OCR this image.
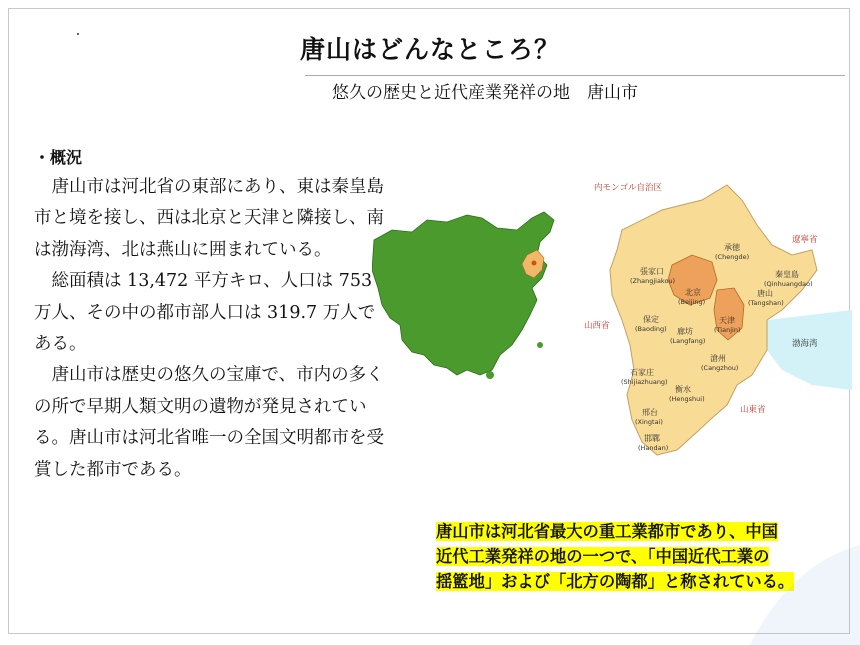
唐山はどんなところ？
悠久の歴史と近代産業発祥の地　唐山市
・概況

唐山市は河北省の東部にあり、東は秦皇島市と境を接し、西は北京と天津と隣接し、南は渤海湾、北は燕山に囲まれている。

総面積は 13,472 平方キロ、人口は 753 万人、その中の都市部人口は 319.7 万人である。

唐山市は歴史の悠久の宝庫で、市内の多くの所で早期人類文明の遺物が発見されている。唐山市は河北省唯一の全国文明都市を受賞した都市である。

内モンゴル自治区
遼寧省
山西省
山東省
渤海湾
承徳
(Chengde)
張家口
(Zhangjiakou)
秦皇島
(Qinhuangdao)
北京
(Beijing)
唐山
(Tangshan)
保定
(Baoding)
天津
(Tianjin)
廊坊
(Langfang)
滄州
(Cangzhou)
石家庄
(Shijiazhuang)
衡水
(Hengshui)
邢台
(Xingtai)
邯鄲
(Handan)
唐山市は河北省最大の重工業都市であり、中国
近代工業発祥の地の一つで、「中国近代工業の
揺籃地」および「北方の陶都」と称されている。
